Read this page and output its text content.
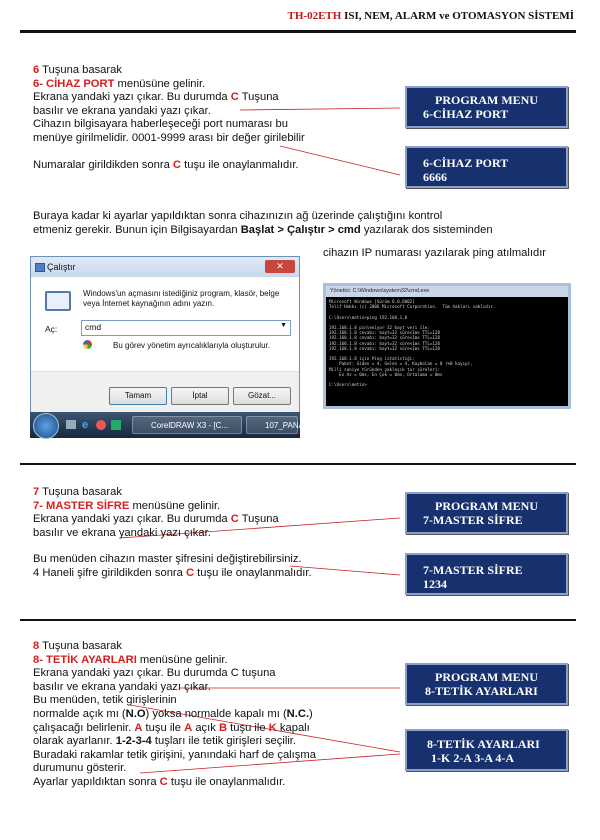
TH-02ETH ISI, NEM, ALARM ve OTOMASYON SİSTEMİ
6 Tuşuna basarak
6- CİHAZ PORT menüsüne gelinir.
Ekrana yandaki yazı çıkar. Bu durumda C Tuşuna
basılır ve ekrana yandaki yazı çıkar.
Cihazın bilgisayara haberleşeceği port numarası bu
menüye girilmelidir. 0001-9999 arası bir değer girilebilir
Numaralar girildikden sonra C tuşu ile onaylanmalıdır.
PROGRAM MENU
6-CİHAZ PORT
6-CİHAZ PORT
6666
Buraya kadar ki ayarlar yapıldıktan sonra cihazınızın ağ üzerinde çalıştığını kontrol
etmeniz gerekir. Bunun için Bilgisayardan Başlat > Çalıştır > cmd yazılarak dos sisteminden
cihazın IP numarası yazılarak ping atılmalıdır
Çalıştır	✕
Windows'un açmasını istediğiniz program, klasör, belge veya İnternet kaynağının adını yazın.
Aç:	cmd	▼
Bu görev yönetim ayrıcalıklarıyla oluşturulur.
Tamam	İptal	Gözat...
e	CorelDRAW X3 - [C...	107_PANA
Yönetici: C:\Windows\system32\cmd.exe
Microsoft Windows [Sürüm 6.0.6002]
Telif Hakkı (c) 2006 Microsoft Corporation.  Tüm hakları saklıdır.

C:\Users\metin>ping 192.168.1.8

192.168.1.8 pinleniyor 32 bayt veri ile:
192.168.1.8 cevabı: bayt=32 süre<1ms TTL=128
192.168.1.8 cevabı: bayt=32 süre<1ms TTL=128
192.168.1.8 cevabı: bayt=32 süre<1ms TTL=128
192.168.1.8 cevabı: bayt=32 süre<1ms TTL=128

192.168.1.8 için Ping istatistiği:
Paket: Giden = 4, Gelen = 4, Kaybolan = 0 (%0 kayıp),
Milli saniye türünden yaklaşık tur süreleri:
En Az = 0ms, En Çok = 0ms, Ortalama = 0ms

C:\Users\metin>
7 Tuşuna basarak
7- MASTER SİFRE menüsüne gelinir.
Ekrana yandaki yazı çıkar. Bu durumda C Tuşuna
basılır ve ekrana yandaki yazı çıkar.
Bu menüden cihazın master şifresini değiştirebilirsiniz.
4 Haneli şifre girildikden sonra C tuşu ile onaylanmalıdır.
PROGRAM MENU
7-MASTER SİFRE
7-MASTER SİFRE
1234
8 Tuşuna basarak
8- TETİK AYARLARI menüsüne gelinir.
Ekrana yandaki yazı çıkar. Bu durumda C tuşuna
basılır ve ekrana yandaki yazı çıkar.
Bu menüden, tetik girişlerinin
normalde açık mı (N.O) yoksa normalde kapalı mı (N.C.)
çalışacağı belirlenir. A tuşu ile A açık B tuşu ile K kapalı
olarak ayarlanır. 1-2-3-4 tuşları ile tetik girişleri seçilir.
Buradaki rakamlar tetik girişini, yanındaki harf de çalışma
durumunu gösterir.
Ayarlar yapıldıktan sonra C tuşu ile onaylanmalıdır.
PROGRAM MENU
8-TETİK AYARLARI
8-TETİK AYARLARI
1-K 2-A 3-A 4-A
